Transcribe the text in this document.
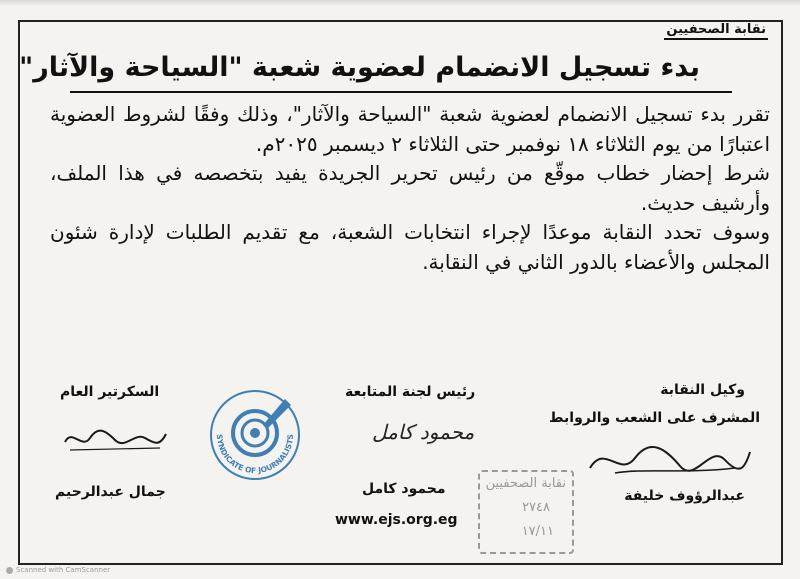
نقابة الصحفيين
بدء تسجيل الانضمام لعضوية شعبة "السياحة والآثار"

تقرر بدء تسجيل الانضمام لعضوية شعبة "السياحة والآثار"، وذلك وفقًا لشروط العضوية اعتبارًا من يوم الثلاثاء ١٨ نوفمبر حتى الثلاثاء ٢ ديسمبر ٢٠٢٥م.

شرط إحضار خطاب موقّع من رئيس تحرير الجريدة يفيد بتخصصه في هذا الملف، وأرشيف حديث.

وسوف تحدد النقابة موعدًا لإجراء انتخابات الشعبة، مع تقديم الطلبات لإدارة شئون المجلس والأعضاء بالدور الثاني في النقابة.

وكيل النقابة
المشرف على الشعب والروابط
عبدالرؤوف خليفة
رئيس لجنة المتابعة
محمود كامل
محمود كامل
السكرتير العام
جمال عبدالرحيم
SYNDICATE OF JOURNALISTS
www.ejs.org.eg
نقابة الصحفيين
٢٧٤٨
١٧/١١
Scanned with CamScanner
